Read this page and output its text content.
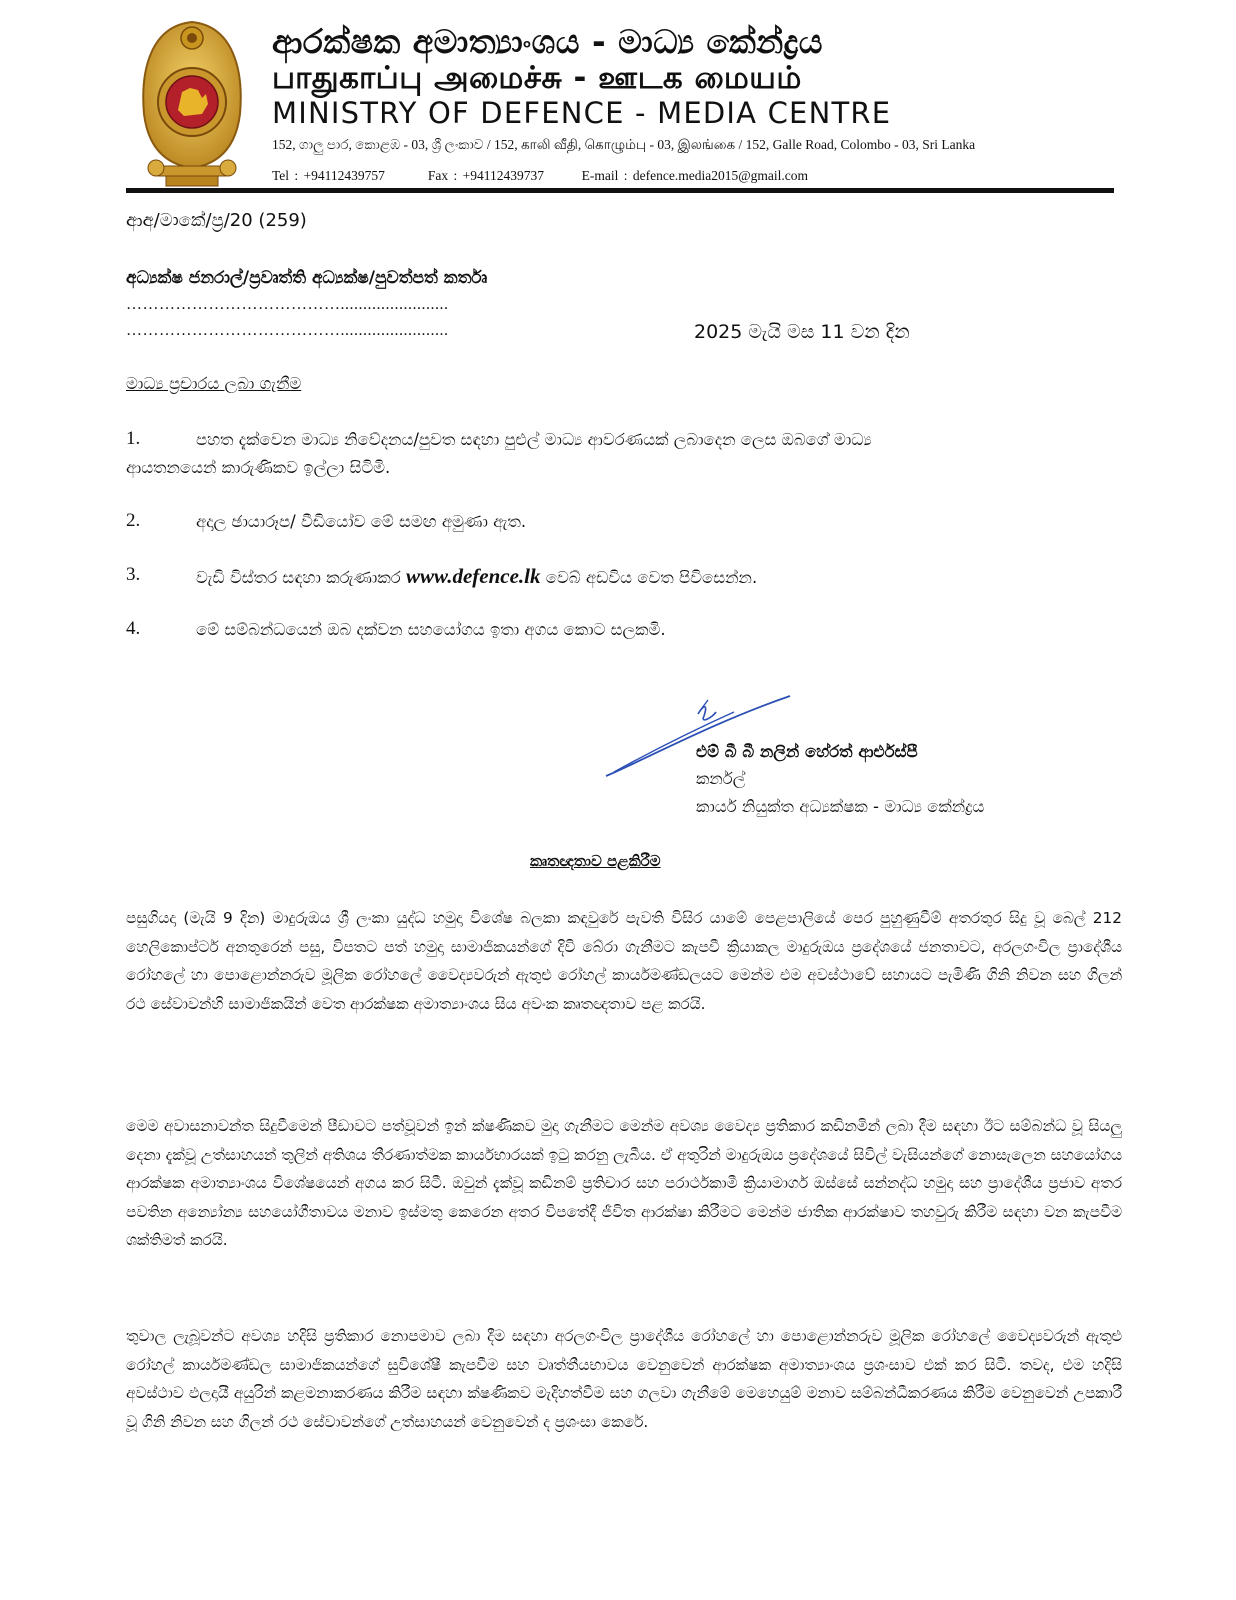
ආරක්ෂක අමාත්‍යාංශය - මාධ්‍ය කේන්ද්‍රය
பாதுகாப்பு அமைச்சு - ஊடக மையம்
MINISTRY OF DEFENCE - MEDIA CENTRE
152, ගාලු පාර, කොළඹ - 03, ශ්‍රී ලංකාව / 152, காலி வீதி, கொழும்பு - 03, இலங்கை / 152, Galle Road, Colombo - 03, Sri Lanka
Tel : +94112439757	Fax : +94112439737	E-mail : defence.media2015@gmail.com
ආඅ/මාකේ/ප්‍ර/20 (259)
අධ්‍යක්ෂ ජනරාල්/ප්‍රවෘත්ති අධ්‍යක්ෂ/පුවත්පත් කර්තෘ
…………………………………........................
…………………………………........................	2025 මැයි මස 11 වන දින
මාධ්‍ය ප්‍රචාරය ලබා ගැනීම
1.	පහත දැක්වෙන මාධ්‍ය නිවේදනය/පුවත සඳහා පුළුල් මාධ්‍ය ආවරණයක් ලබාදෙන ලෙස ඔබගේ මාධ්‍ය
ආයතනයෙන් කාරුණිකව ඉල්ලා සිටිමි.
2.	අදාල ඡායාරූප/ වීඩියෝව මේ සමඟ අමුණා ඇත.
3.	වැඩි විස්තර සඳහා කරුණාකර www.defence.lk වෙබ් අඩවිය වෙත පිවිසෙන්න.
4.	මේ සම්බන්ධයෙන් ඔබ දක්වන සහයෝගය ඉතා අගය කොට සලකමි.
එම් බී බී නලින් හේරත් ආර්එස්පී
කර්නල්
කාර්ය නියුක්ත අධ්‍යක්ෂක - මාධ්‍ය කේන්ද්‍රය
කෘතඥතාව පළකිරීම
පසුගියදා (මැයි 9 දින) මාදුරුඔය ශ්‍රී ලංකා යුද්ධ හමුදා විශේෂ බලකා කඳවුරේ පැවති විසිර යාමේ පෙළපාලියේ පෙර පුහුණුවීම් අතරතුර සිදු වූ බෙල් 212 හෙලිකොප්ටර් අනතුරෙන් පසු, විපතට පත් හමුදා සාමාජිකයන්ගේ දිවි බේරා ගැනීමට කැපවී ක්‍රියාකල මාදුරුඔය ප්‍රදේශයේ ජනතාවට, අරලගංවිල ප්‍රාදේශීය රෝහලේ හා පොළොන්නරුව මූලික රෝහලේ වෛද්‍යවරුන් ඇතුළු රෝහල් කාර්යමණ්ඩලයට මෙන්ම එම අවස්ථාවේ සහායට පැමිණි ගිනි නිවන සහ ගිලන් රථ සේවාවන්හි සාමාජිකයින් වෙත ආරක්ෂක අමාත්‍යාංශය සිය අවංක කෘතඥතාව පළ කරයි.
මෙම අවාසනාවන්ත සිදුවීමෙන් පීඩාවට පත්වූවන් ඉන් ක්ෂණිකව මුදා ගැනීමට මෙන්ම අවශ්‍ය වෛද්‍ය ප්‍රතිකාර කඩිනමින් ලබා දීම සඳහා ඊට සම්බන්ධ වූ සියලු දෙනා දැක්වූ උත්සාහයන් තුලින් අතිශය තීරණාත්මක කාර්යභාරයක් ඉටු කරනු ලැබීය. ඒ අතුරින් මාදුරුඔය ප්‍රදේශයේ සිවිල් වැසියන්ගේ නොසැලෙන සහයෝගය ආරක්ෂක අමාත්‍යාංශය විශේෂයෙන් අගය කර සිටී. ඔවුන් දැක්වූ කඩිනම් ප්‍රතිචාර සහ පරාර්ථකාමී ක්‍රියාමාර්ග ඔස්සේ සන්නද්ධ හමුදා සහ ප්‍රාදේශීය ප්‍රජාව අතර පවතින අන්‍යෝන්‍ය සහයෝගීතාවය මනාව ඉස්මතු කෙරෙන අතර විපතේදී ජීවිත ආරක්ෂා කිරීමට මෙන්ම ජාතික ආරක්ෂාව තහවුරු කිරීම සඳහා වන කැපවීම ශක්තිමත් කරයි.
තුවාල ලැබූවන්ට අවශ්‍ය හදිසි ප්‍රතිකාර නොපමාව ලබා දීම සඳහා අරලගංවිල ප්‍රාදේශීය රෝහලේ හා පොළොන්නරුව මූලික රෝහලේ වෛද්‍යවරුන් ඇතුළු රෝහල් කාර්යමණ්ඩල සාමාජිකයන්ගේ සුවිශේෂී කැපවීම සහ වෘත්තීයභාවය වෙනුවෙන් ආරක්ෂක අමාත්‍යාංශය ප්‍රශංසාව එක් කර සිටී. තවද, එම හදිසි අවස්ථාව ඵලදායී අයුරින් කළමනාකරණය කිරීම සඳහා ක්ෂණිකව මැදිහත්වීම සහ ගලවා ගැනීමේ මෙහෙයුම් මනාව සම්බන්ධීකරණය කිරීම වෙනුවෙන් උපකාරී වූ ගිනි නිවන සහ ගිලන් රථ සේවාවන්ගේ උත්සාහයන් වෙනුවෙන් ද ප්‍රශංසා කෙරේ.
